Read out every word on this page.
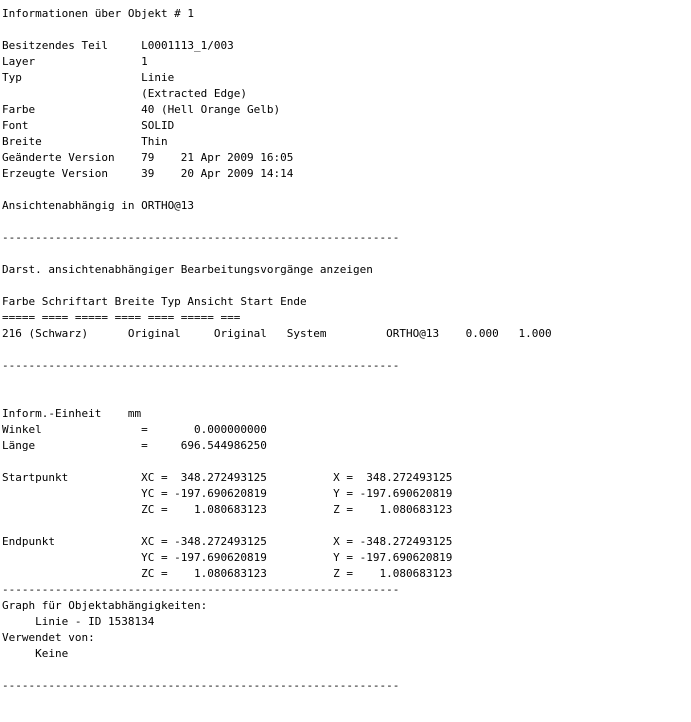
Informationen über Objekt # 1
Besitzendes Teil     L0001113_1/003
Layer                1
Typ                  Linie
(Extracted Edge)
Farbe                40 (Hell Orange Gelb)
Font                 SOLID
Breite               Thin
Geänderte Version    79    21 Apr 2009 16:05
Erzeugte Version     39    20 Apr 2009 14:14
Ansichtenabhängig in ORTHO@13
------------------------------------------------------------
Darst. ansichtenabhängiger Bearbeitungsvorgänge anzeigen
Farbe Schriftart Breite Typ Ansicht Start Ende
===== ==== ===== ==== ==== ===== ===
216 (Schwarz)      Original     Original   System         ORTHO@13    0.000   1.000
------------------------------------------------------------
Inform.-Einheit    mm
Winkel               =       0.000000000
Länge                =     696.544986250
Startpunkt           XC =  348.272493125          X =  348.272493125
YC = -197.690620819          Y = -197.690620819
ZC =    1.080683123          Z =    1.080683123
Endpunkt             XC = -348.272493125          X = -348.272493125
YC = -197.690620819          Y = -197.690620819
ZC =    1.080683123          Z =    1.080683123
------------------------------------------------------------
Graph für Objektabhängigkeiten:
Linie - ID 1538134
Verwendet von:
Keine
------------------------------------------------------------
